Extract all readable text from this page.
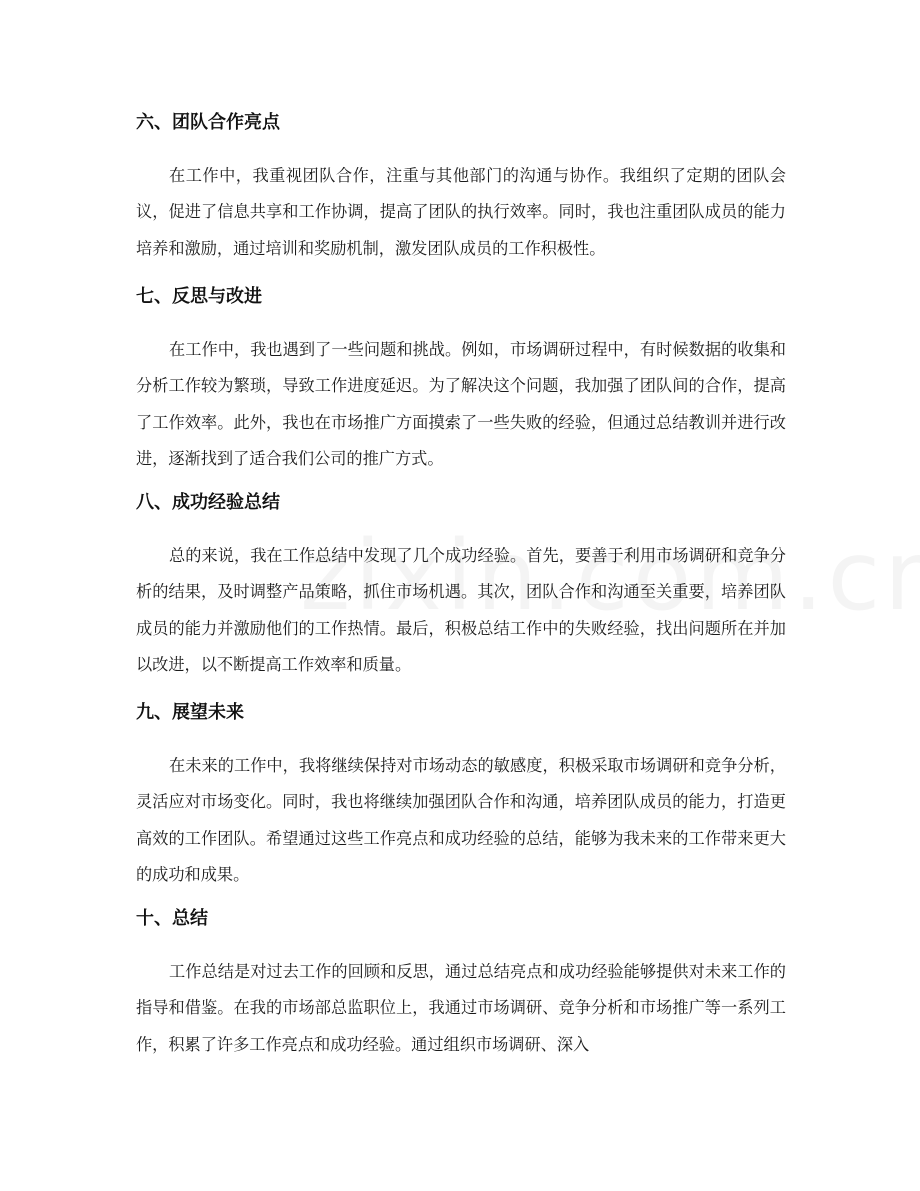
六、团队合作亮点

在工作中，我重视团队合作，注重与其他部门的沟通与协作。我组织了定期的团队会议，促进了信息共享和工作协调，提高了团队的执行效率。同时，我也注重团队成员的能力培养和激励，通过培训和奖励机制，激发团队成员的工作积极性。

七、反思与改进

在工作中，我也遇到了一些问题和挑战。例如，市场调研过程中，有时候数据的收集和分析工作较为繁琐，导致工作进度延迟。为了解决这个问题，我加强了团队间的合作，提高了工作效率。此外，我也在市场推广方面摸索了一些失败的经验，但通过总结教训并进行改进，逐渐找到了适合我们公司的推广方式。

八、成功经验总结

总的来说，我在工作总结中发现了几个成功经验。首先，要善于利用市场调研和竞争分析的结果，及时调整产品策略，抓住市场机遇。其次，团队合作和沟通至关重要，培养团队成员的能力并激励他们的工作热情。最后，积极总结工作中的失败经验，找出问题所在并加以改进，以不断提高工作效率和质量。

九、展望未来

在未来的工作中，我将继续保持对市场动态的敏感度，积极采取市场调研和竞争分析，灵活应对市场变化。同时，我也将继续加强团队合作和沟通，培养团队成员的能力，打造更高效的工作团队。希望通过这些工作亮点和成功经验的总结，能够为我未来的工作带来更大的成功和成果。

十、总结

工作总结是对过去工作的回顾和反思，通过总结亮点和成功经验能够提供对未来工作的指导和借鉴。在我的市场部总监职位上，我通过市场调研、竞争分析和市场推广等一系列工作，积累了许多工作亮点和成功经验。通过组织市场调研、深入
